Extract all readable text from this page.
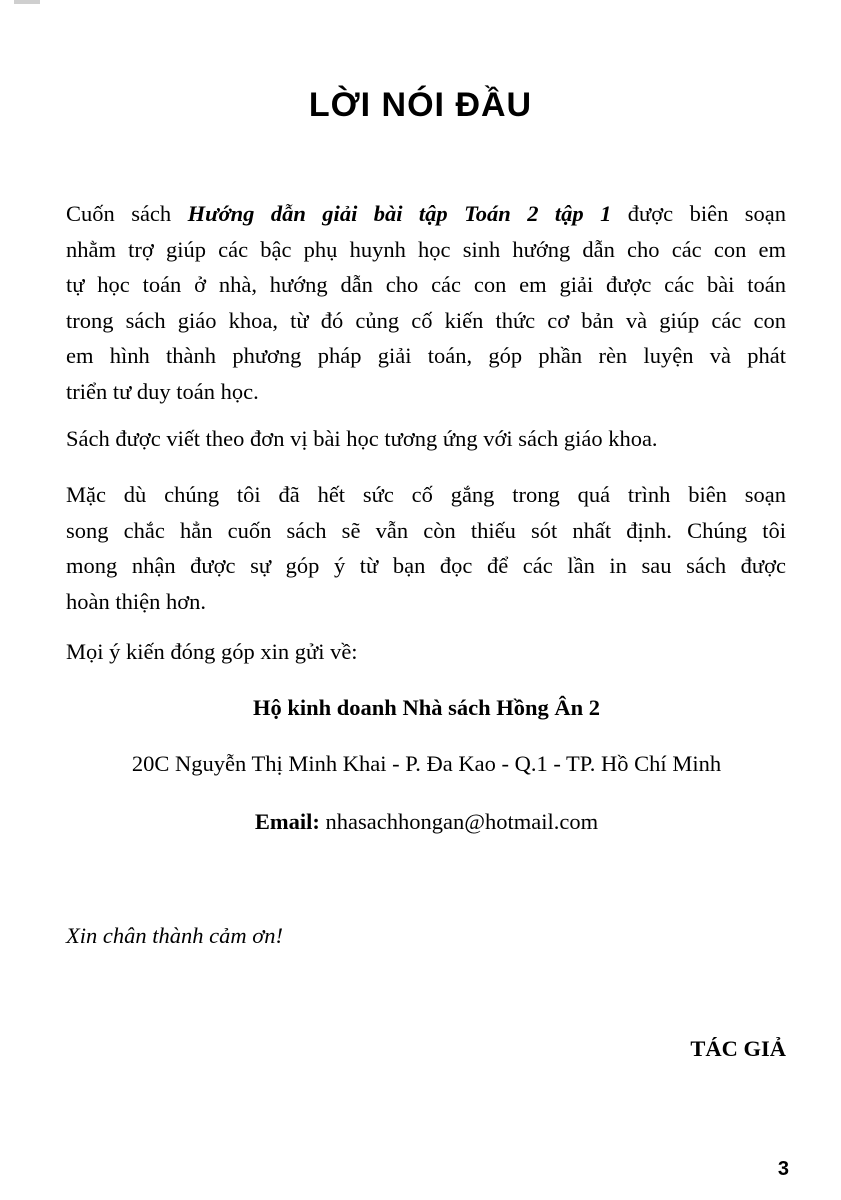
LỜI NÓI ĐẦU
Cuốn sách Hướng dẫn giải bài tập Toán 2 tập 1 được biên soạn
nhằm trợ giúp các bậc phụ huynh học sinh hướng dẫn cho các con em
tự học toán ở nhà, hướng dẫn cho các con em giải được các bài toán
trong sách giáo khoa, từ đó củng cố kiến thức cơ bản và giúp các con
em hình thành phương pháp giải toán, góp phần rèn luyện và phát
triển tư duy toán học.
Sách được viết theo đơn vị bài học tương ứng với sách giáo khoa.
Mặc dù chúng tôi đã hết sức cố gắng trong quá trình biên soạn
song chắc hẳn cuốn sách sẽ vẫn còn thiếu sót nhất định. Chúng tôi
mong nhận được sự góp ý từ bạn đọc để các lần in sau sách được
hoàn thiện hơn.
Mọi ý kiến đóng góp xin gửi về:
Hộ kinh doanh Nhà sách Hồng Ân 2
20C Nguyễn Thị Minh Khai - P. Đa Kao - Q.1 - TP. Hồ Chí Minh
Email: nhasachhongan@hotmail.com
Xin chân thành cảm ơn!
TÁC GIẢ
3
